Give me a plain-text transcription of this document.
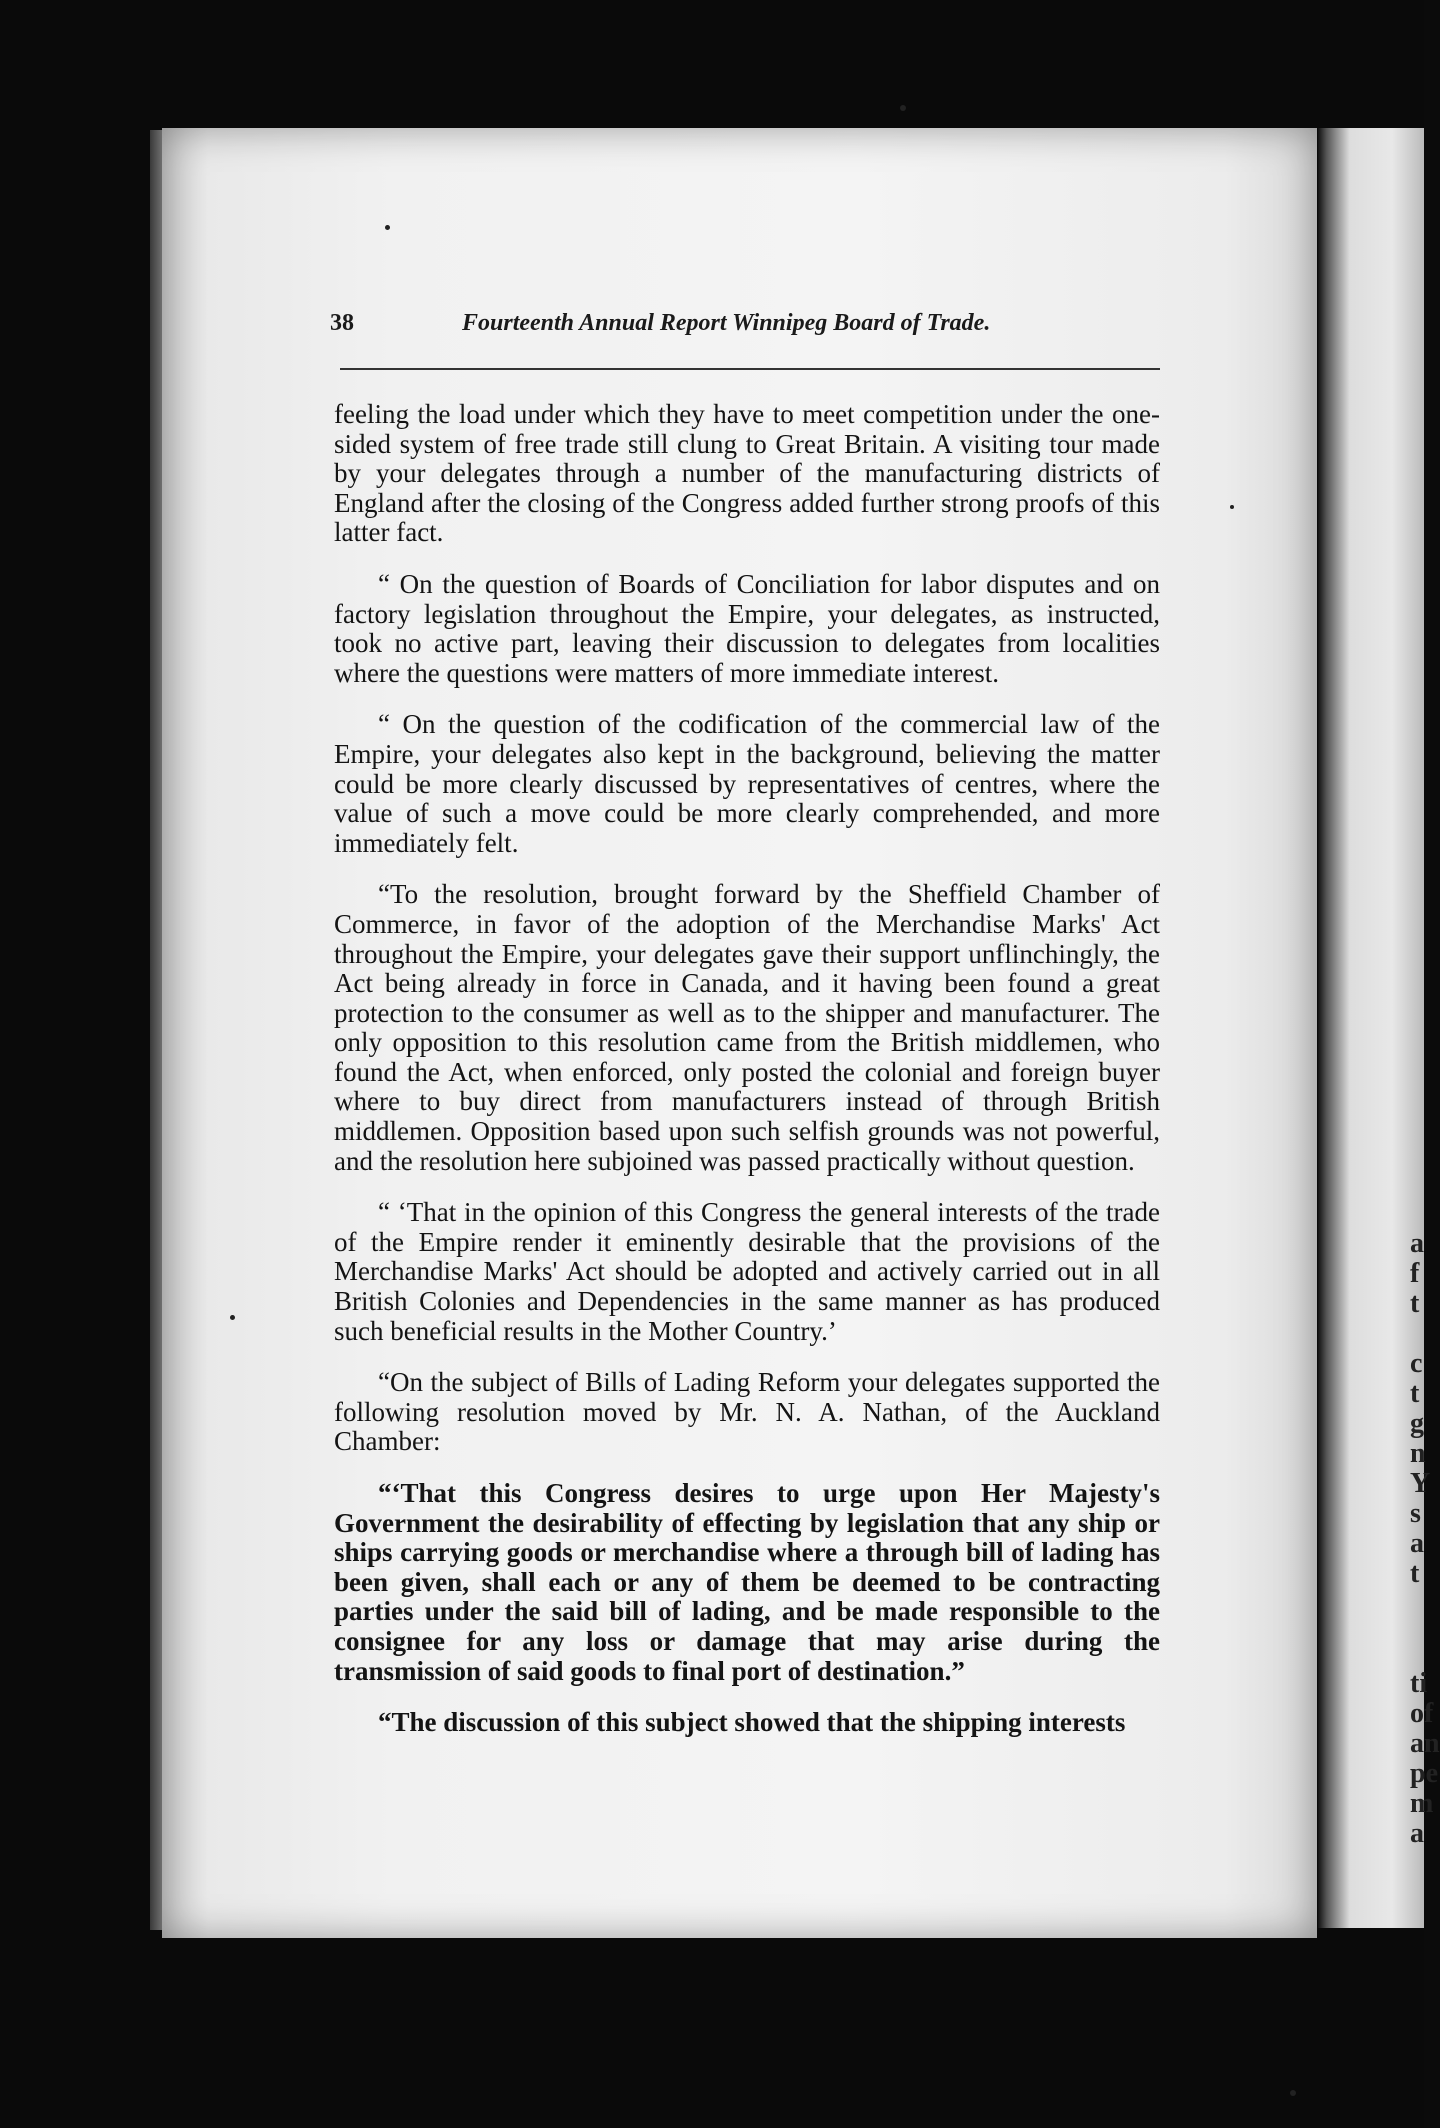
a
f
t
c
t
g
n
Y
s
a
t
ti
of
an
pe
m
a
38	Fourteenth Annual Report Winnipeg Board of Trade.

feeling the load under which they have to meet competition under the one-sided system of free trade still clung to Great Britain. A visiting tour made by your delegates through a number of the manufacturing districts of England after the closing of the Congress added further strong proofs of this latter fact.

“ On the question of Boards of Conciliation for labor disputes and on factory legislation throughout the Empire, your delegates, as instructed, took no active part, leaving their discussion to delegates from localities where the questions were matters of more immediate interest.

“ On the question of the codification of the commercial law of the Empire, your delegates also kept in the background, believing the matter could be more clearly discussed by representatives of centres, where the value of such a move could be more clearly comprehended, and more immediately felt.

“To the resolution, brought forward by the Sheffield Chamber of Commerce, in favor of the adoption of the Merchandise Marks' Act throughout the Empire, your delegates gave their support unflinchingly, the Act being already in force in Canada, and it having been found a great protection to the consumer as well as to the shipper and manufacturer. The only opposition to this resolution came from the British middlemen, who found the Act, when enforced, only posted the colonial and foreign buyer where to buy direct from manufacturers instead of through British middlemen. Opposition based upon such selfish grounds was not powerful, and the resolution here subjoined was passed practically without question.

“ ‘That in the opinion of this Congress the general interests of the trade of the Empire render it eminently desirable that the provisions of the Merchandise Marks' Act should be adopted and actively carried out in all British Colonies and Dependencies in the same manner as has produced such beneficial results in the Mother Country.’

“On the subject of Bills of Lading Reform your delegates supported the following resolution moved by Mr. N. A. Nathan, of the Auckland Chamber:

“‘That this Congress desires to urge upon Her Majesty's Government the desirability of effecting by legislation that any ship or ships carrying goods or merchandise where a through bill of lading has been given, shall each or any of them be deemed to be contracting parties under the said bill of lading, and be made responsible to the consignee for any loss or damage that may arise during the transmission of said goods to final port of destination.”

“The discussion of this subject showed that the shipping interests
